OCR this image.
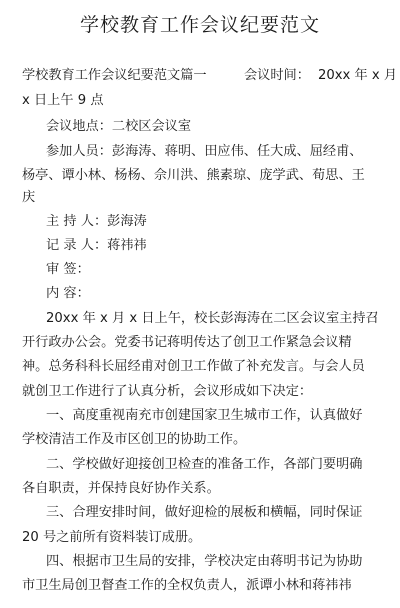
学校教育工作会议纪要范文
学校教育工作会议纪要范文篇一	会议时间： 20xx 年 x 月
x 日上午 9 点
会议地点：二校区会议室
参加人员：彭海涛、蒋明、田应伟、任大成、屈经甫、
杨亭、谭小林、杨杨、佘川洪、熊素琼、庞学武、荀思、王
庆
主 持 人：彭海涛
记 录 人：蒋祎祎
审 签：
内 容：
20xx 年 x 月 x 日上午，校长彭海涛在二区会议室主持召
开行政办公会。党委书记蒋明传达了创卫工作紧急会议精
神。总务科科长屈经甫对创卫工作做了补充发言。与会人员
就创卫工作进行了认真分析，会议形成如下决定：
一、高度重视南充市创建国家卫生城市工作，认真做好
学校清洁工作及市区创卫的协助工作。
二、学校做好迎接创卫检查的准备工作，各部门要明确
各自职责，并保持良好协作关系。
三、合理安排时间，做好迎检的展板和横幅，同时保证
20 号之前所有资料装订成册。
四、根据市卫生局的安排，学校决定由蒋明书记为协助
市卫生局创卫督查工作的全权负责人，派谭小林和蒋祎祎
